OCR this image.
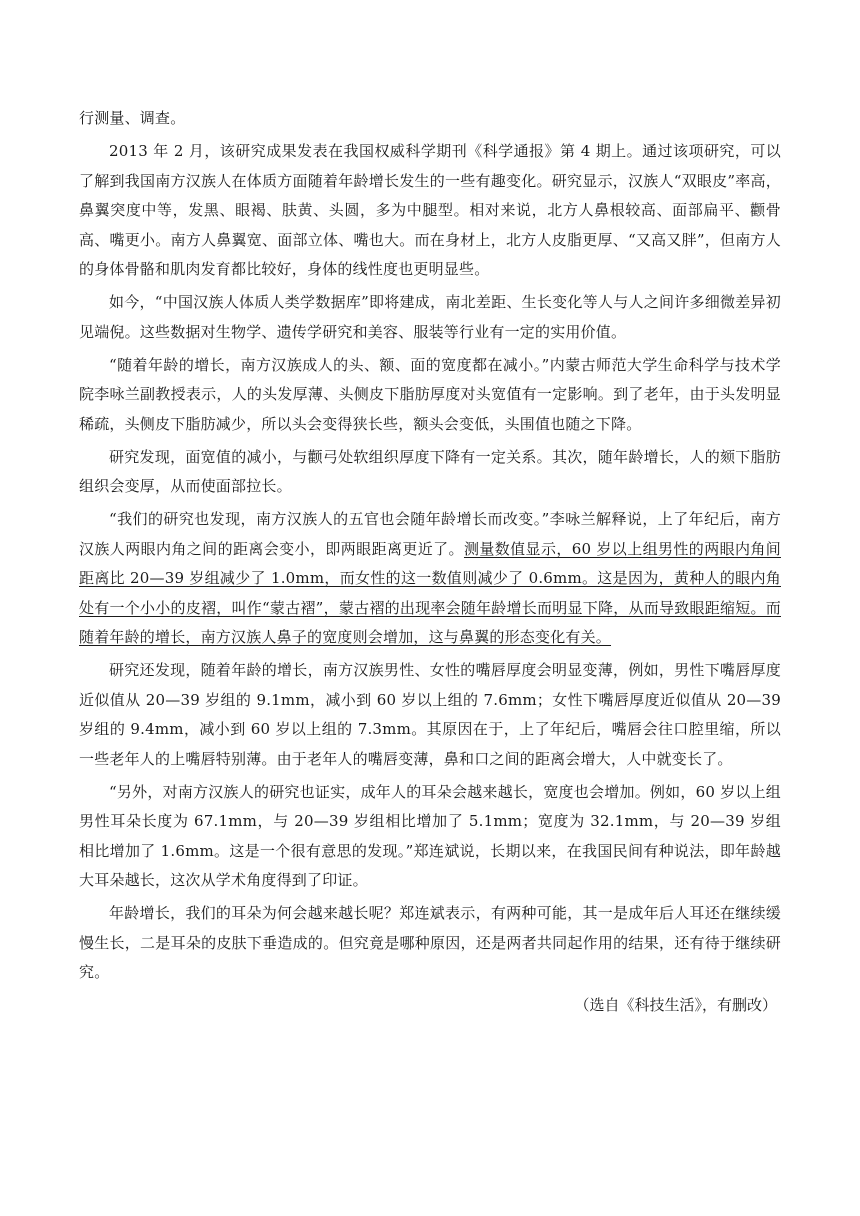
行测量、调查。

2013 年 2 月，该研究成果发表在我国权威科学期刊《科学通报》第 4 期上。通过该项研究，可以了解到我国南方汉族人在体质方面随着年龄增长发生的一些有趣变化。研究显示，汉族人“双眼皮”率高，鼻翼突度中等，发黑、眼褐、肤黄、头圆，多为中腿型。相对来说，北方人鼻根较高、面部扁平、颧骨高、嘴更小。南方人鼻翼宽、面部立体、嘴也大。而在身材上，北方人皮脂更厚、“又高又胖”，但南方人的身体骨骼和肌肉发育都比较好，身体的线性度也更明显些。

如今，“中国汉族人体质人类学数据库”即将建成，南北差距、生长变化等人与人之间许多细微差异初见端倪。这些数据对生物学、遗传学研究和美容、服装等行业有一定的实用价值。

“随着年龄的增长，南方汉族成人的头、额、面的宽度都在减小。”内蒙古师范大学生命科学与技术学院李咏兰副教授表示，人的头发厚薄、头侧皮下脂肪厚度对头宽值有一定影响。到了老年，由于头发明显稀疏，头侧皮下脂肪减少，所以头会变得狭长些，额头会变低，头围值也随之下降。

研究发现，面宽值的减小，与颧弓处软组织厚度下降有一定关系。其次，随年龄增长，人的颏下脂肪组织会变厚，从而使面部拉长。

“我们的研究也发现，南方汉族人的五官也会随年龄增长而改变。”李咏兰解释说，上了年纪后，南方汉族人两眼内角之间的距离会变小，即两眼距离更近了。测量数值显示，60 岁以上组男性的两眼内角间距离比 20—39 岁组减少了 1.0mm，而女性的这一数值则减少了 0.6mm。这是因为，黄种人的眼内角处有一个小小的皮褶，叫作“蒙古褶”，蒙古褶的出现率会随年龄增长而明显下降，从而导致眼距缩短。而随着年龄的增长，南方汉族人鼻子的宽度则会增加，这与鼻翼的形态变化有关。

研究还发现，随着年龄的增长，南方汉族男性、女性的嘴唇厚度会明显变薄，例如，男性下嘴唇厚度近似值从 20—39 岁组的 9.1mm，减小到 60 岁以上组的 7.6mm；女性下嘴唇厚度近似值从 20—39 岁组的 9.4mm，减小到 60 岁以上组的 7.3mm。其原因在于，上了年纪后，嘴唇会往口腔里缩，所以一些老年人的上嘴唇特别薄。由于老年人的嘴唇变薄，鼻和口之间的距离会增大，人中就变长了。

“另外，对南方汉族人的研究也证实，成年人的耳朵会越来越长，宽度也会增加。例如，60 岁以上组男性耳朵长度为 67.1mm，与 20—39 岁组相比增加了 5.1mm；宽度为 32.1mm，与 20—39 岁组相比增加了 1.6mm。这是一个很有意思的发现。”郑连斌说，长期以来，在我国民间有种说法，即年龄越大耳朵越长，这次从学术角度得到了印证。

年龄增长，我们的耳朵为何会越来越长呢？郑连斌表示，有两种可能，其一是成年后人耳还在继续缓慢生长，二是耳朵的皮肤下垂造成的。但究竟是哪种原因，还是两者共同起作用的结果，还有待于继续研究。

（选自《科技生活》，有删改）
